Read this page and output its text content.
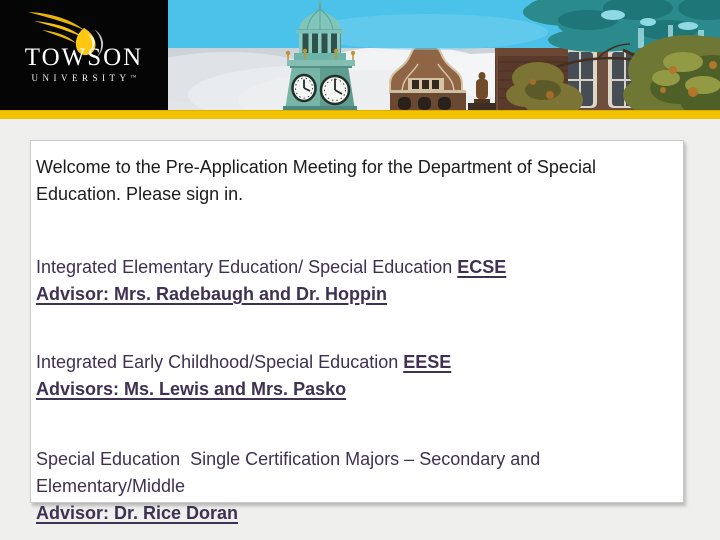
TOWSON
UNIVERSITY™

Welcome to the Pre-Application Meeting for the Department of Special Education. Please sign in.

Integrated Elementary Education/ Special Education ECSE

Advisor: Mrs. Radebaugh and Dr. Hoppin

Integrated Early Childhood/Special Education EESE

Advisors: Ms. Lewis and Mrs. Pasko

Special Education  Single Certification Majors – Secondary and Elementary/Middle

Advisor: Dr. Rice Doran
